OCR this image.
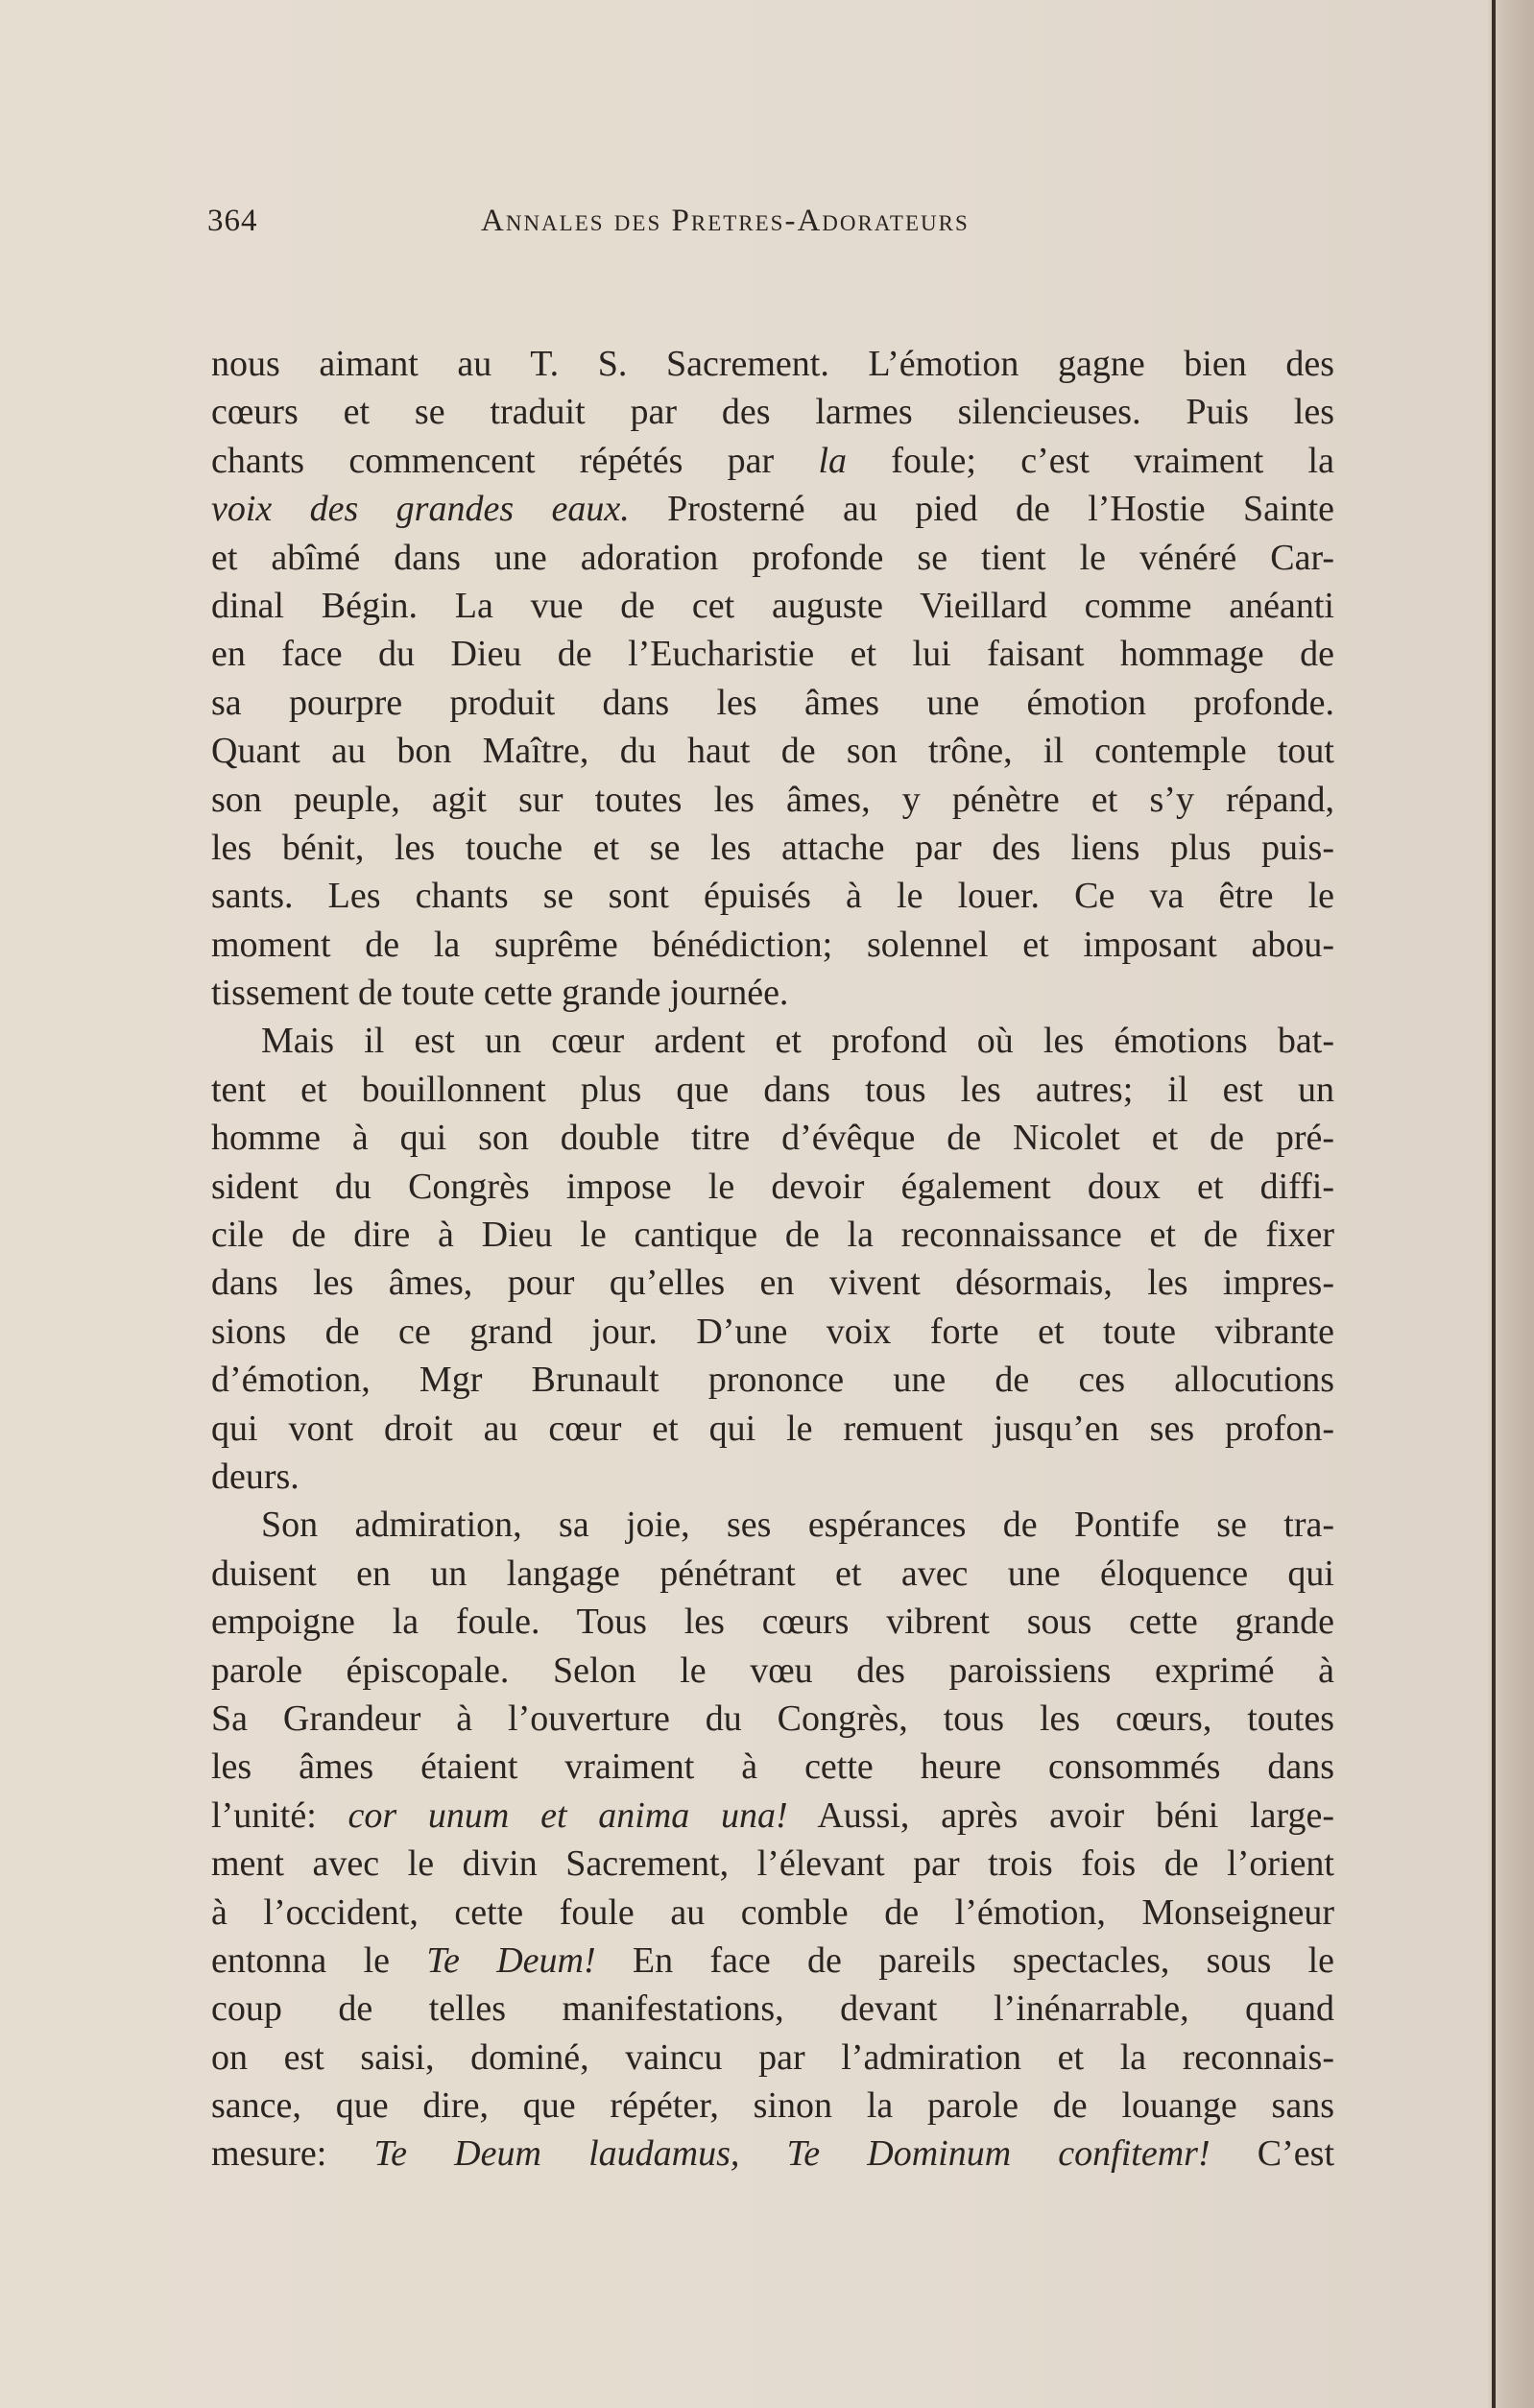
364	Annales des Pretres-Adorateurs
nous aimant au T. S. Sacrement. L’émotion gagne bien des
cœurs et se traduit par des larmes silencieuses. Puis les
chants commencent répétés par la foule; c’est vraiment la
voix des grandes eaux. Prosterné au pied de l’Hostie Sainte
et abîmé dans une adoration profonde se tient le vénéré Car-
dinal Bégin. La vue de cet auguste Vieillard comme anéanti
en face du Dieu de l’Eucharistie et lui faisant hommage de
sa pourpre produit dans les âmes une émotion profonde.
Quant au bon Maître, du haut de son trône, il contemple tout
son peuple, agit sur toutes les âmes, y pénètre et s’y répand,
les bénit, les touche et se les attache par des liens plus puis-
sants. Les chants se sont épuisés à le louer. Ce va être le
moment de la suprême bénédiction; solennel et imposant abou-
tissement de toute cette grande journée.
Mais il est un cœur ardent et profond où les émotions bat-
tent et bouillonnent plus que dans tous les autres; il est un
homme à qui son double titre d’évêque de Nicolet et de pré-
sident du Congrès impose le devoir également doux et diffi-
cile de dire à Dieu le cantique de la reconnaissance et de fixer
dans les âmes, pour qu’elles en vivent désormais, les impres-
sions de ce grand jour. D’une voix forte et toute vibrante
d’émotion, Mgr Brunault prononce une de ces allocutions
qui vont droit au cœur et qui le remuent jusqu’en ses profon-
deurs.
Son admiration, sa joie, ses espérances de Pontife se tra-
duisent en un langage pénétrant et avec une éloquence qui
empoigne la foule. Tous les cœurs vibrent sous cette grande
parole épiscopale. Selon le vœu des paroissiens exprimé à
Sa Grandeur à l’ouverture du Congrès, tous les cœurs, toutes
les âmes étaient vraiment à cette heure consommés dans
l’unité: cor unum et anima una! Aussi, après avoir béni large-
ment avec le divin Sacrement, l’élevant par trois fois de l’orient
à l’occident, cette foule au comble de l’émotion, Monseigneur
entonna le Te Deum! En face de pareils spectacles, sous le
coup de telles manifestations, devant l’inénarrable, quand
on est saisi, dominé, vaincu par l’admiration et la reconnais-
sance, que dire, que répéter, sinon la parole de louange sans
mesure: Te Deum laudamus, Te Dominum confitemr! C’est
